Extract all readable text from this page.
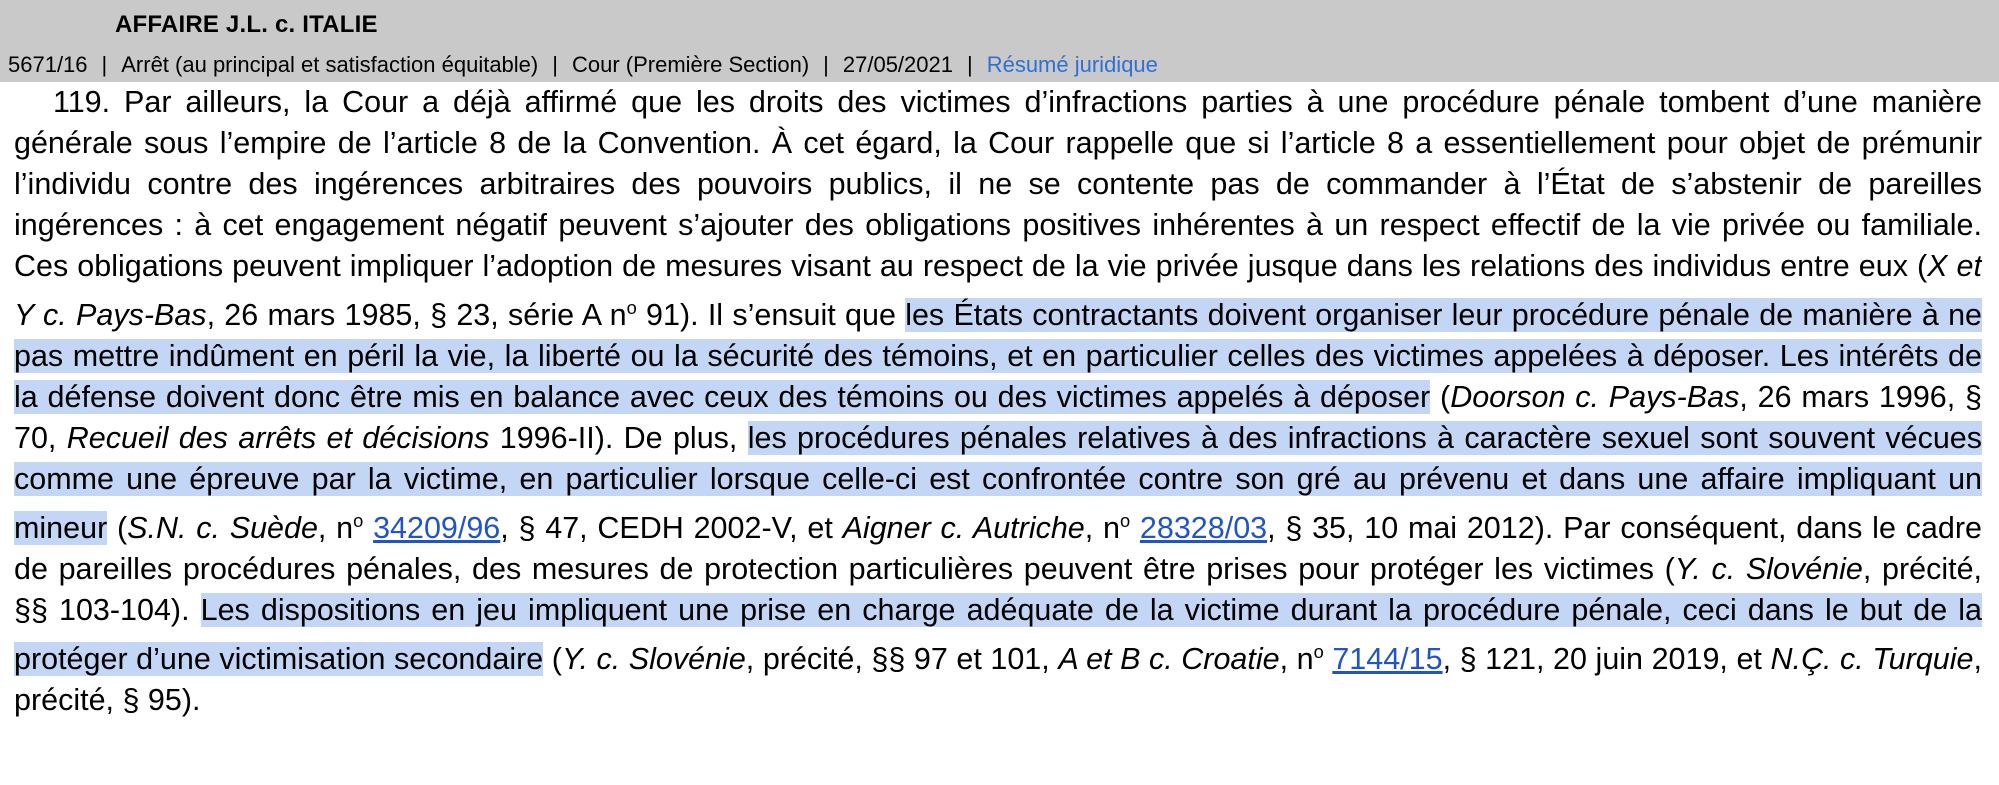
AFFAIRE J.L. c. ITALIE
5671/16 | Arrêt (au principal et satisfaction équitable) | Cour (Première Section) | 27/05/2021 | Résumé juridique

119. Par ailleurs, la Cour a déjà affirmé que les droits des victimes d’infractions parties à une procédure pénale tombent d’une manière générale sous l’empire de l’article 8 de la Convention. À cet égard, la Cour rappelle que si l’article 8 a essentiellement pour objet de prémunir l’individu contre des ingérences arbitraires des pouvoirs publics, il ne se contente pas de commander à l’État de s’abstenir de pareilles ingérences : à cet engagement négatif peuvent s’ajouter des obligations positives inhérentes à un respect effectif de la vie privée ou familiale. Ces obligations peuvent impliquer l’adoption de mesures visant au respect de la vie privée jusque dans les relations des individus entre eux (X et Y c. Pays-Bas, 26 mars 1985, § 23, série A $n^o$ 91). Il s’ensuit que les États contractants doivent organiser leur procédure pénale de manière à ne pas mettre indûment en péril la vie, la liberté ou la sécurité des témoins, et en particulier celles des victimes appelées à déposer. Les intérêts de la défense doivent donc être mis en balance avec ceux des témoins ou des victimes appelés à déposer (Doorson c. Pays-Bas, 26 mars 1996, § 70, Recueil des arrêts et décisions 1996-II). De plus, les procédures pénales relatives à des infractions à caractère sexuel sont souvent vécues comme une épreuve par la victime, en particulier lorsque celle-ci est confrontée contre son gré au prévenu et dans une affaire impliquant un mineur (S.N. c. Suède, $n^o$ 34209/96, § 47, CEDH 2002-V, et Aigner c. Autriche, $n^o$ 28328/03, § 35, 10 mai 2012). Par conséquent, dans le cadre de pareilles procédures pénales, des mesures de protection particulières peuvent être prises pour protéger les victimes (Y. c. Slovénie, précité, §§ 103-104). Les dispositions en jeu impliquent une prise en charge adéquate de la victime durant la procédure pénale, ceci dans le but de la protéger d’une victimisation secondaire (Y. c. Slovénie, précité, §§ 97 et 101, A et B c. Croatie, $n^o$ 7144/15, § 121, 20 juin 2019, et N.Ç. c. Turquie, précité, § 95).
